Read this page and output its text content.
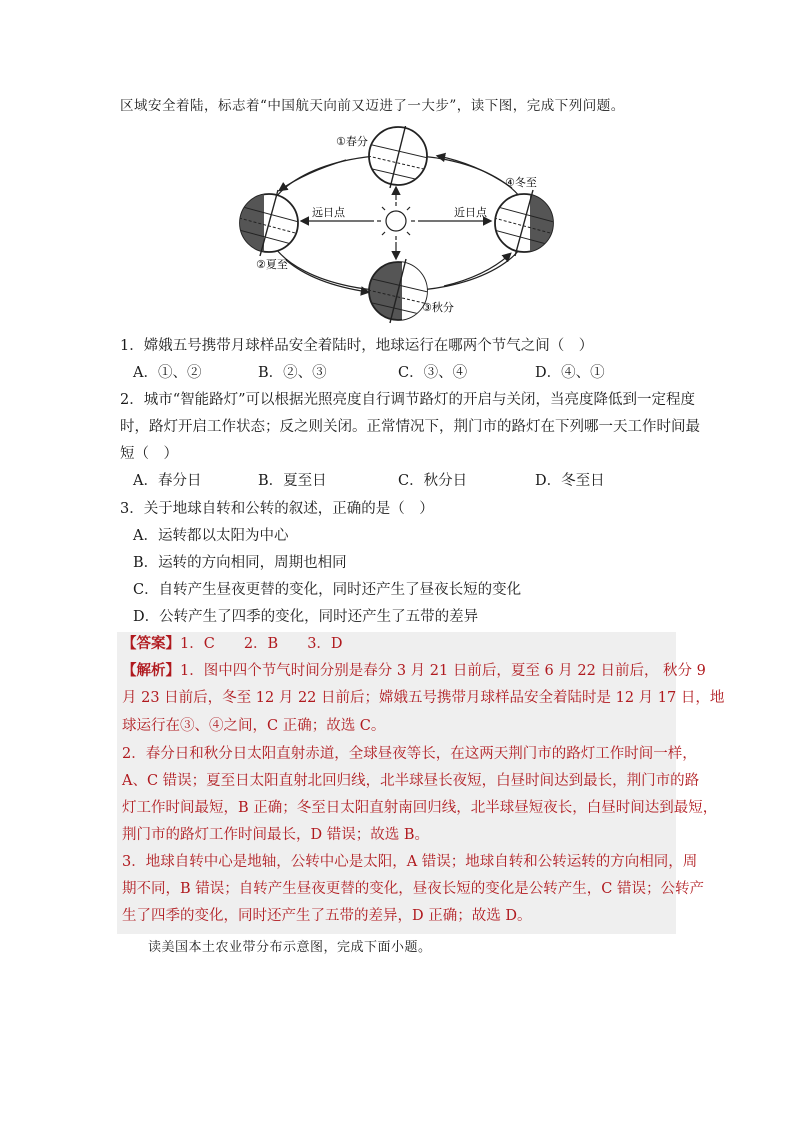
区域安全着陆，标志着“中国航天向前又迈进了一大步”，读下图，完成下列问题。
①春分
②夏至
③秋分
④冬至
远日点	近日点
1．嫦娥五号携带月球样品安全着陆时，地球运行在哪两个节气之间（　）
A．①、②	B．②、③	C．③、④	D．④、①
2．城市“智能路灯”可以根据光照亮度自行调节路灯的开启与关闭，当亮度降低到一定程度
时，路灯开启工作状态；反之则关闭。正常情况下，荆门市的路灯在下列哪一天工作时间最
短（　）
A．春分日	B．夏至日	C．秋分日	D．冬至日
3．关于地球自转和公转的叙述，正确的是（　）
A．运转都以太阳为中心
B．运转的方向相同，周期也相同
C．自转产生昼夜更替的变化，同时还产生了昼夜长短的变化
D．公转产生了四季的变化，同时还产生了五带的差异
【答案】1．C　　2．B　　3．D
【解析】1．图中四个节气时间分别是春分 3 月 21 日前后，夏至 6 月 22 日前后， 秋分 9
月 23 日前后，冬至 12 月 22 日前后；嫦娥五号携带月球样品安全着陆时是 12 月 17 日，地
球运行在③、④之间，C 正确；故选 C。
2．春分日和秋分日太阳直射赤道，全球昼夜等长，在这两天荆门市的路灯工作时间一样，
A、C 错误；夏至日太阳直射北回归线，北半球昼长夜短，白昼时间达到最长，荆门市的路
灯工作时间最短，B 正确；冬至日太阳直射南回归线，北半球昼短夜长，白昼时间达到最短，
荆门市的路灯工作时间最长，D 错误；故选 B。
3．地球自转中心是地轴，公转中心是太阳，A 错误；地球自转和公转运转的方向相同，周
期不同，B 错误；自转产生昼夜更替的变化，昼夜长短的变化是公转产生，C 错误；公转产
生了四季的变化，同时还产生了五带的差异，D 正确；故选 D。
读美国本土农业带分布示意图，完成下面小题。
